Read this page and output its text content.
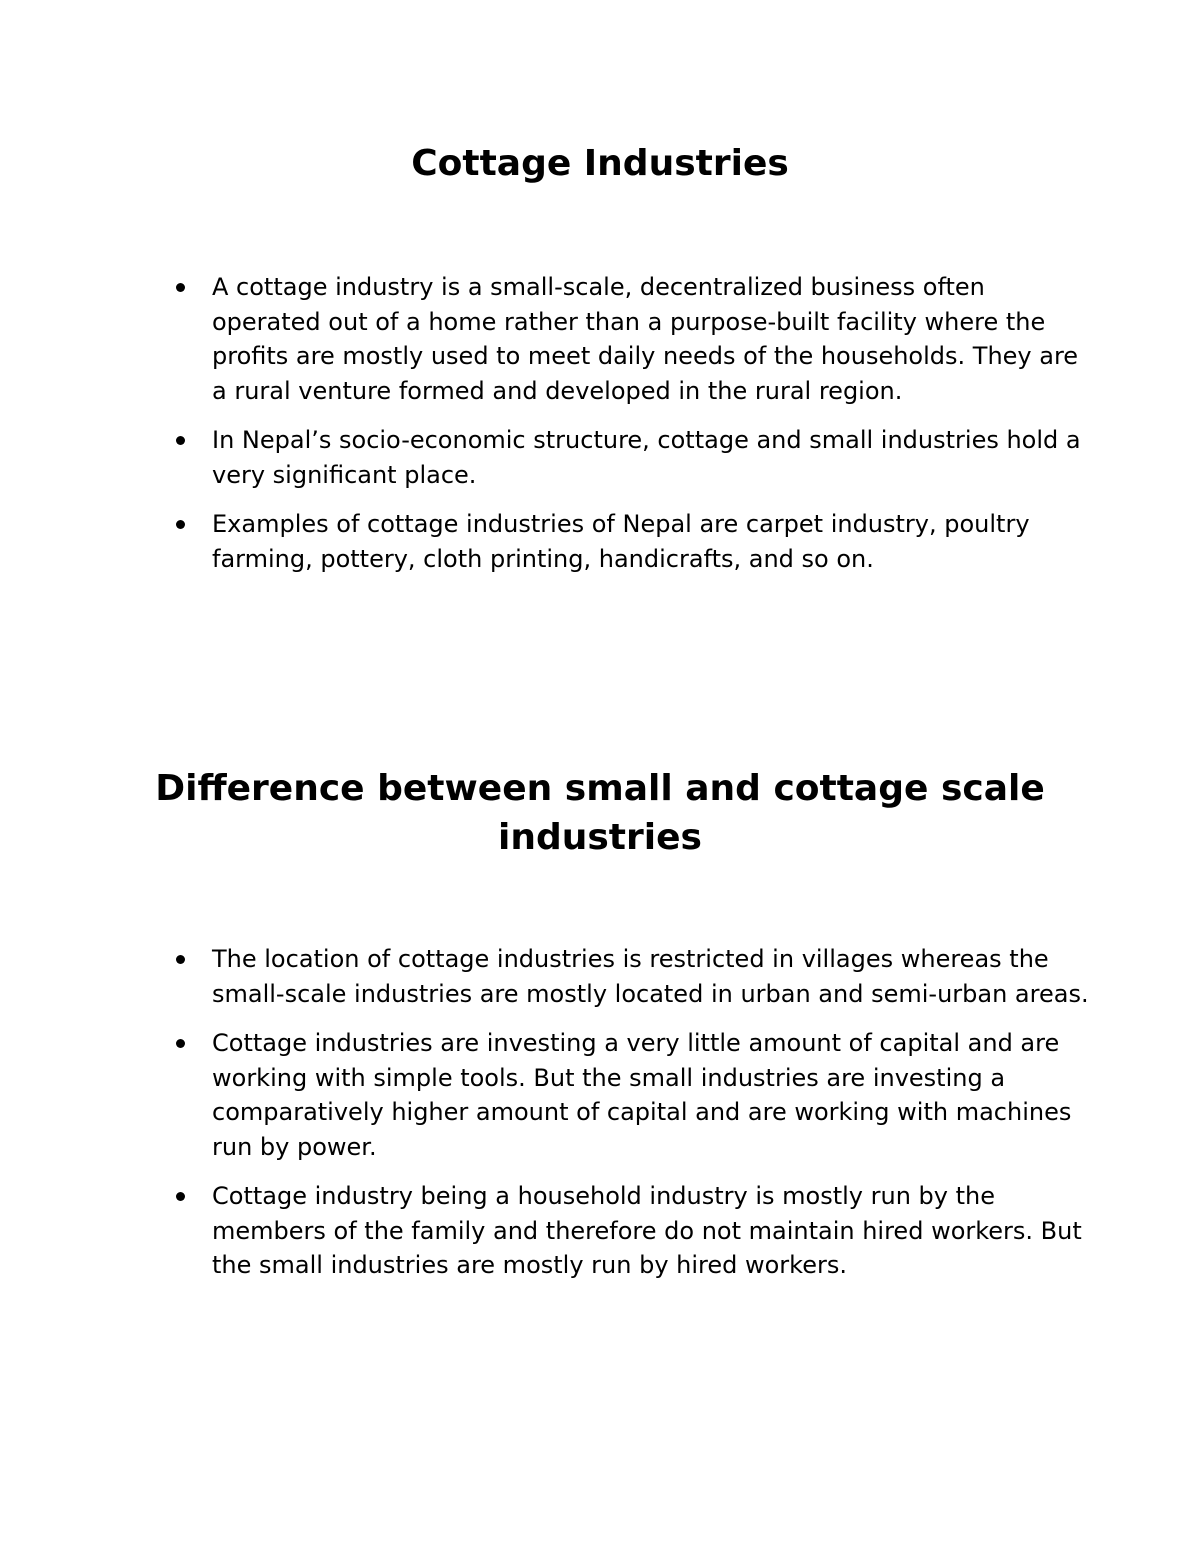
Cottage Industries
A cottage industry is a small-scale, decentralized business often operated out of a home rather than a purpose-built facility where the profits are mostly used to meet daily needs of the households. They are a rural venture formed and developed in the rural region.
In Nepal’s socio-economic structure, cottage and small industries hold a very significant place.
Examples of cottage industries of Nepal are carpet industry, poultry farming, pottery, cloth printing, handicrafts, and so on.
Difference between small and cottage scale industries
The location of cottage industries is restricted in villages whereas the small-scale industries are mostly located in urban and semi-urban areas.
Cottage industries are investing a very little amount of capital and are working with simple tools. But the small industries are investing a comparatively higher amount of capital and are working with machines run by power.
Cottage industry being a household industry is mostly run by the members of the family and therefore do not maintain hired workers. But the small industries are mostly run by hired workers.
